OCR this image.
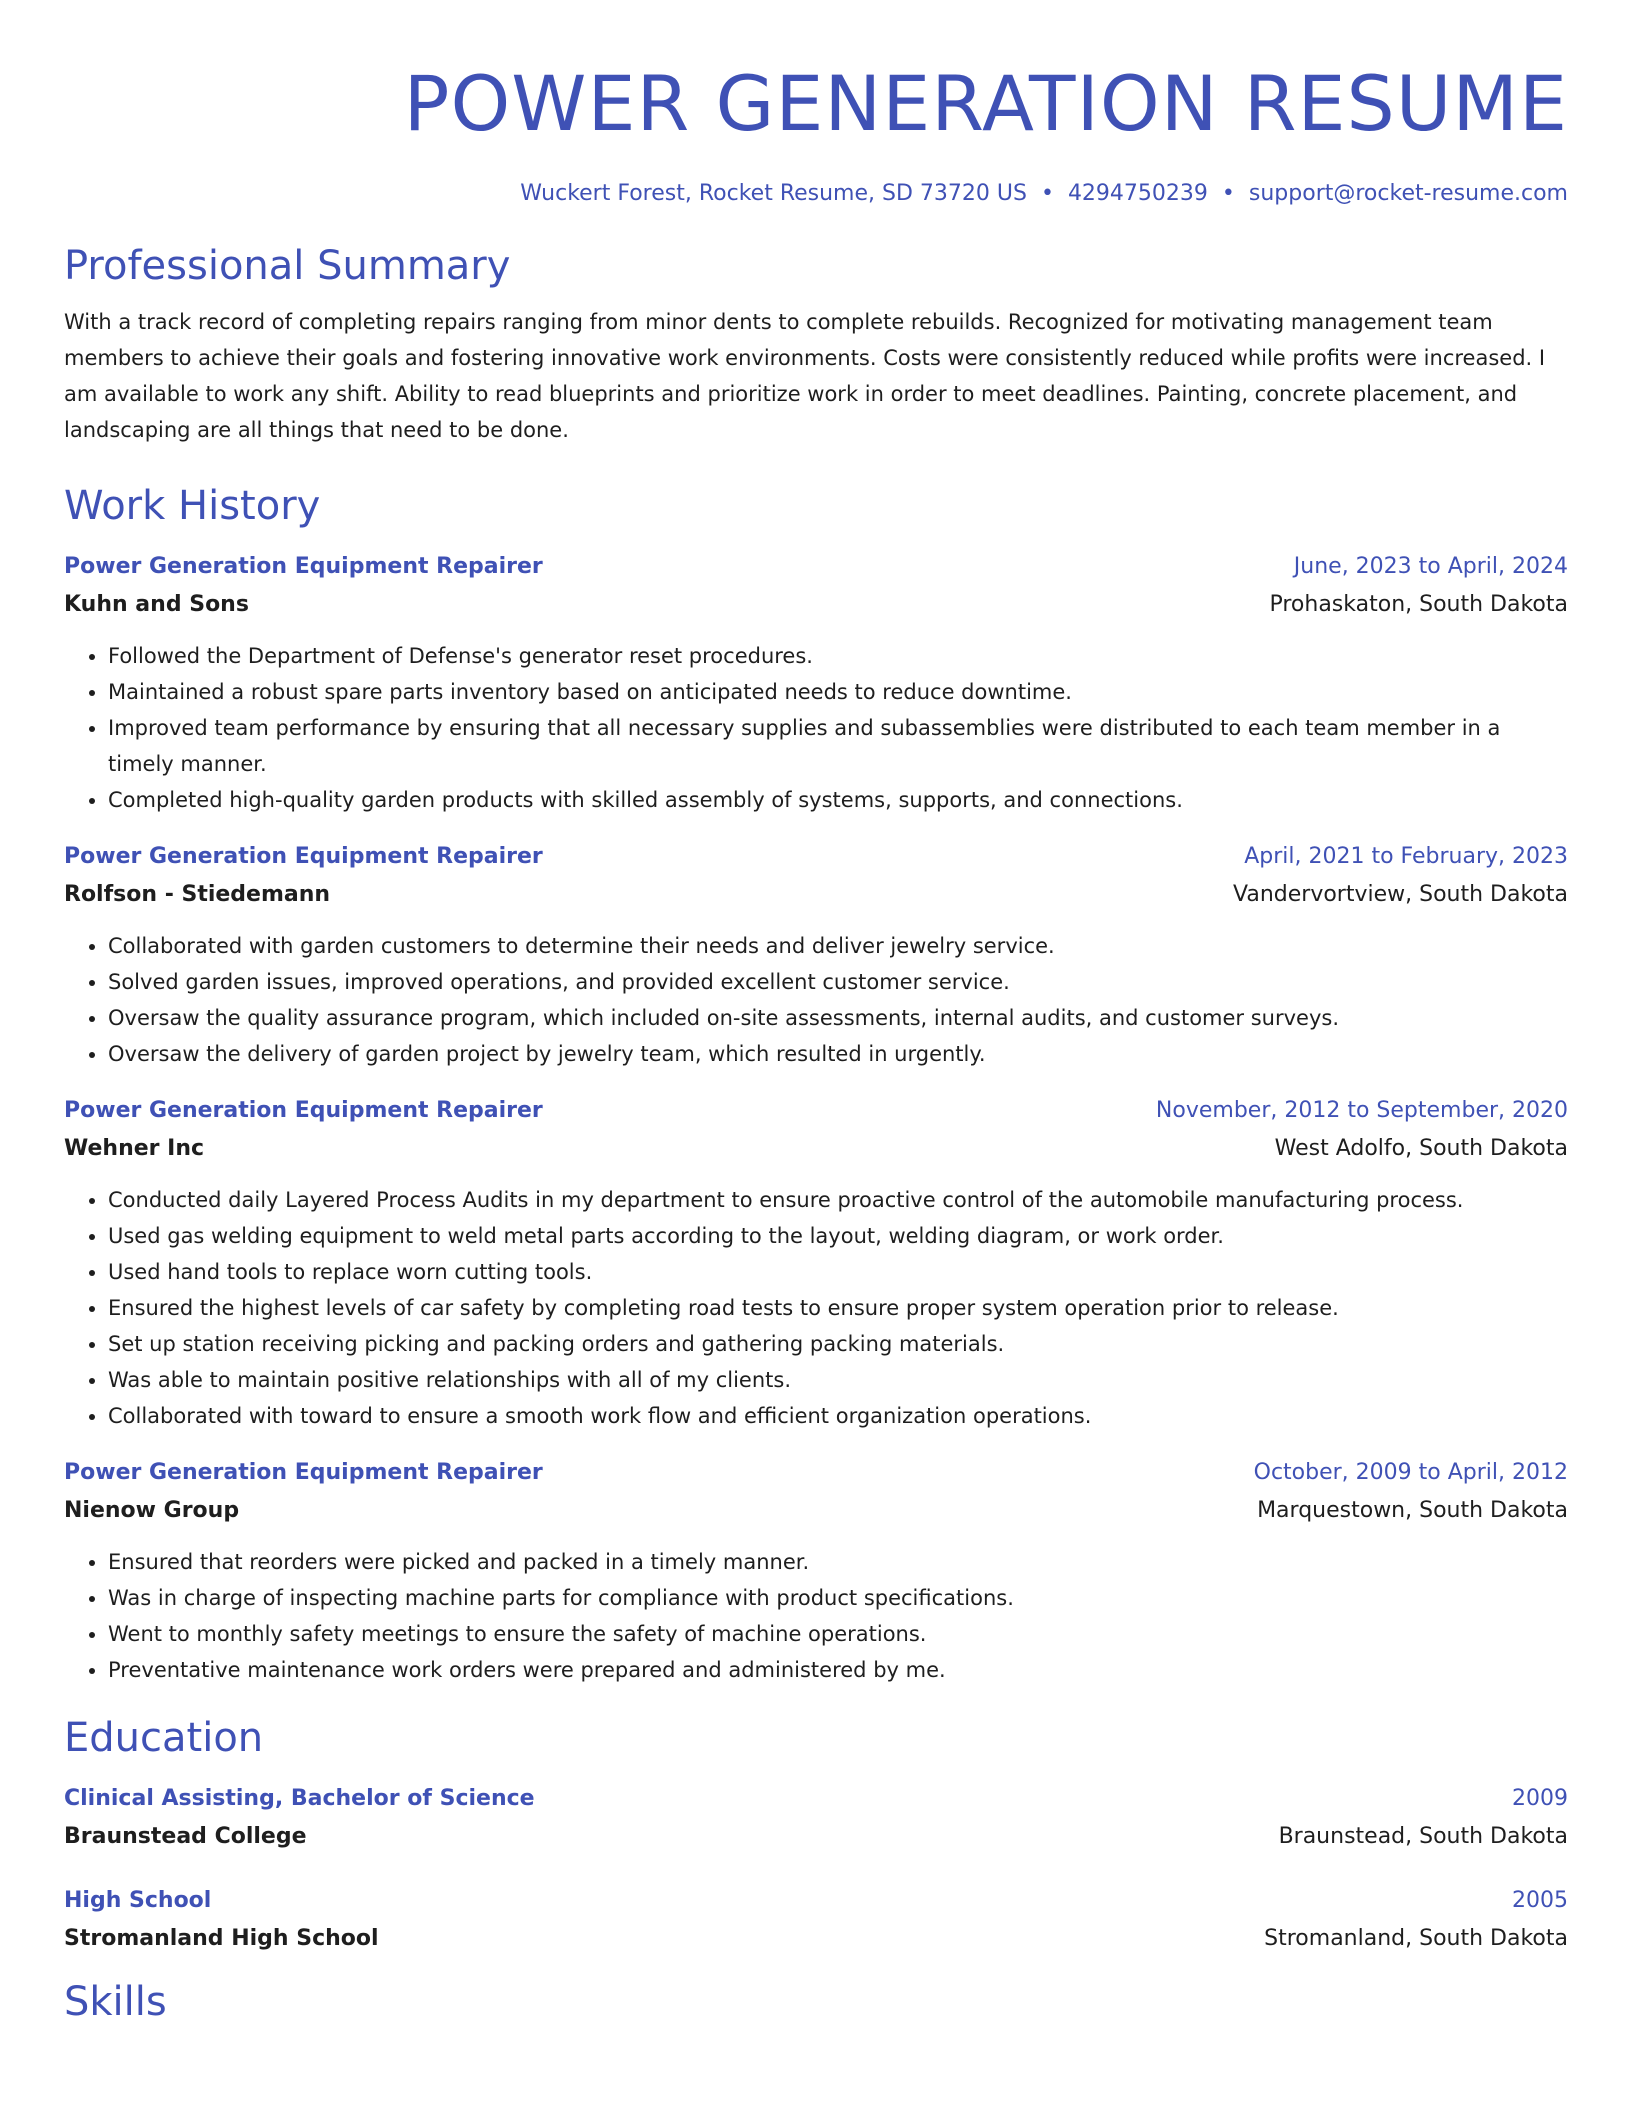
POWER GENERATION RESUME
Wuckert Forest, Rocket Resume, SD 73720 US • 4294750239 • support@rocket-resume.com
Professional Summary

With a track record of completing repairs ranging from minor dents to complete rebuilds. Recognized for motivating management team members to achieve their goals and fostering innovative work environments. Costs were consistently reduced while profits were increased. I am available to work any shift. Ability to read blueprints and prioritize work in order to meet deadlines. Painting, concrete placement, and landscaping are all things that need to be done.

Work History
Power Generation Equipment Repairer	June, 2023 to April, 2024
Kuhn and Sons	Prohaskaton, South Dakota
• Followed the Department of Defense's generator reset procedures.
• Maintained a robust spare parts inventory based on anticipated needs to reduce downtime.
• Improved team performance by ensuring that all necessary supplies and subassemblies were distributed to each team member in a timely manner.
• Completed high-quality garden products with skilled assembly of systems, supports, and connections.
Power Generation Equipment Repairer	April, 2021 to February, 2023
Rolfson - Stiedemann	Vandervortview, South Dakota
• Collaborated with garden customers to determine their needs and deliver jewelry service.
• Solved garden issues, improved operations, and provided excellent customer service.
• Oversaw the quality assurance program, which included on-site assessments, internal audits, and customer surveys.
• Oversaw the delivery of garden project by jewelry team, which resulted in urgently.
Power Generation Equipment Repairer	November, 2012 to September, 2020
Wehner Inc	West Adolfo, South Dakota
• Conducted daily Layered Process Audits in my department to ensure proactive control of the automobile manufacturing process.
• Used gas welding equipment to weld metal parts according to the layout, welding diagram, or work order.
• Used hand tools to replace worn cutting tools.
• Ensured the highest levels of car safety by completing road tests to ensure proper system operation prior to release.
• Set up station receiving picking and packing orders and gathering packing materials.
• Was able to maintain positive relationships with all of my clients.
• Collaborated with toward to ensure a smooth work flow and efficient organization operations.
Power Generation Equipment Repairer	October, 2009 to April, 2012
Nienow Group	Marquestown, South Dakota
• Ensured that reorders were picked and packed in a timely manner.
• Was in charge of inspecting machine parts for compliance with product specifications.
• Went to monthly safety meetings to ensure the safety of machine operations.
• Preventative maintenance work orders were prepared and administered by me.
Education
Clinical Assisting, Bachelor of Science	2009
Braunstead College	Braunstead, South Dakota
High School	2005
Stromanland High School	Stromanland, South Dakota
Skills
